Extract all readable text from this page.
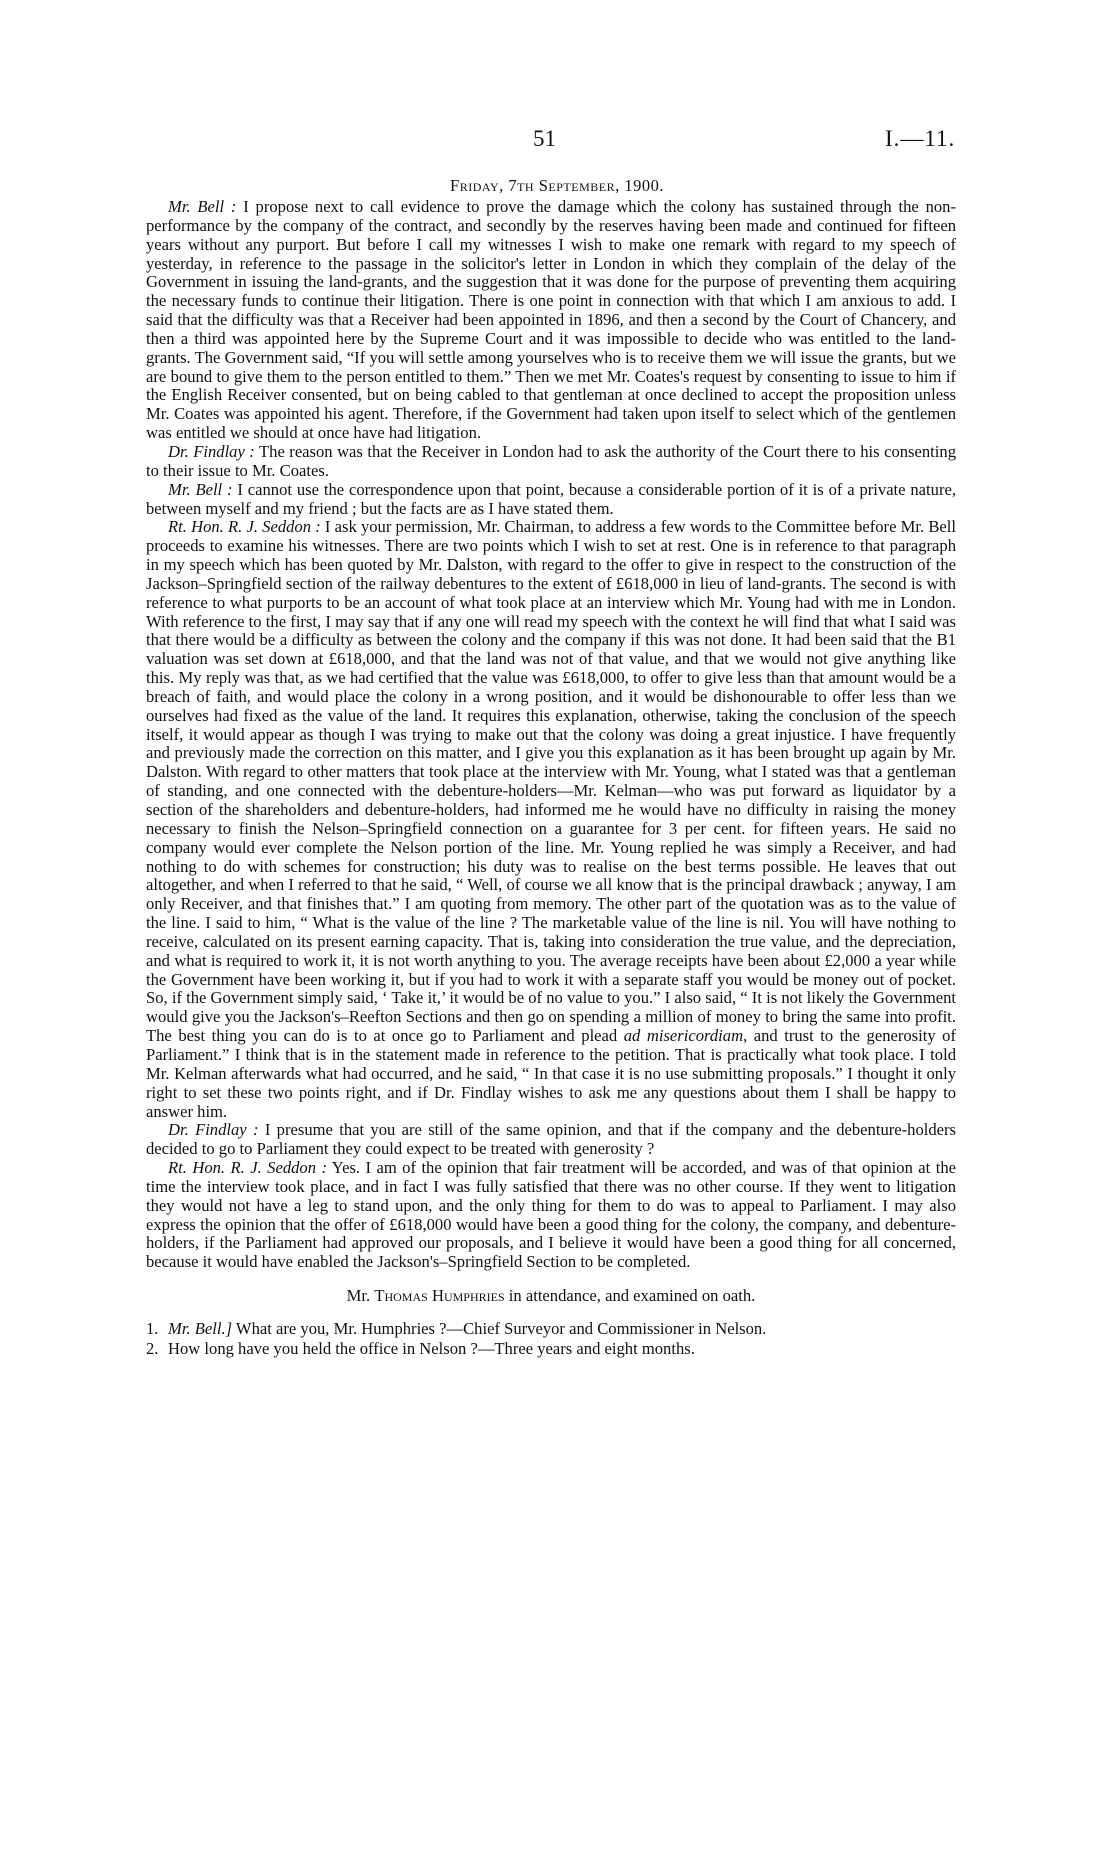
51	I.—11.
Friday, 7th September, 1900.

Mr. Bell : I propose next to call evidence to prove the damage which the colony has sustained through the non-performance by the company of the contract, and secondly by the reserves having been made and continued for fifteen years without any purport. But before I call my witnesses I wish to make one remark with regard to my speech of yesterday, in reference to the passage in the solicitor's letter in London in which they complain of the delay of the Government in issuing the land-grants, and the suggestion that it was done for the purpose of preventing them acquiring the necessary funds to continue their litigation. There is one point in connection with that which I am anxious to add. I said that the difficulty was that a Receiver had been appointed in 1896, and then a second by the Court of Chancery, and then a third was appointed here by the Supreme Court and it was impossible to decide who was entitled to the land-grants. The Government said, “If you will settle among yourselves who is to receive them we will issue the grants, but we are bound to give them to the person entitled to them.” Then we met Mr. Coates's request by consenting to issue to him if the English Receiver consented, but on being cabled to that gentleman at once declined to accept the proposition unless Mr. Coates was appointed his agent. Therefore, if the Government had taken upon itself to select which of the gentlemen was entitled we should at once have had litigation.

Dr. Findlay : The reason was that the Receiver in London had to ask the authority of the Court there to his consenting to their issue to Mr. Coates.

Mr. Bell : I cannot use the correspondence upon that point, because a considerable portion of it is of a private nature, between myself and my friend ; but the facts are as I have stated them.

Rt. Hon. R. J. Seddon : I ask your permission, Mr. Chairman, to address a few words to the Committee before Mr. Bell proceeds to examine his witnesses. There are two points which I wish to set at rest. One is in reference to that paragraph in my speech which has been quoted by Mr. Dalston, with regard to the offer to give in respect to the construction of the Jackson–Springfield section of the railway debentures to the extent of £618,000 in lieu of land-grants. The second is with reference to what purports to be an account of what took place at an interview which Mr. Young had with me in London. With reference to the first, I may say that if any one will read my speech with the context he will find that what I said was that there would be a difficulty as between the colony and the company if this was not done. It had been said that the B1 valuation was set down at £618,000, and that the land was not of that value, and that we would not give anything like this. My reply was that, as we had certified that the value was £618,000, to offer to give less than that amount would be a breach of faith, and would place the colony in a wrong position, and it would be dishonourable to offer less than we ourselves had fixed as the value of the land. It requires this explanation, otherwise, taking the conclusion of the speech itself, it would appear as though I was trying to make out that the colony was doing a great injustice. I have frequently and previously made the correction on this matter, and I give you this explanation as it has been brought up again by Mr. Dalston. With regard to other matters that took place at the interview with Mr. Young, what I stated was that a gentleman of standing, and one connected with the debenture-holders—Mr. Kelman—who was put forward as liquidator by a section of the shareholders and debenture-holders, had informed me he would have no difficulty in raising the money necessary to finish the Nelson–Springfield connection on a guarantee for 3 per cent. for fifteen years. He said no company would ever complete the Nelson portion of the line. Mr. Young replied he was simply a Receiver, and had nothing to do with schemes for construction; his duty was to realise on the best terms possible. He leaves that out altogether, and when I referred to that he said, “ Well, of course we all know that is the principal drawback ; anyway, I am only Receiver, and that finishes that.” I am quoting from memory. The other part of the quotation was as to the value of the line. I said to him, “ What is the value of the line ? The marketable value of the line is nil. You will have nothing to receive, calculated on its present earning capacity. That is, taking into consideration the true value, and the depreciation, and what is required to work it, it is not worth anything to you. The average receipts have been about £2,000 a year while the Government have been working it, but if you had to work it with a separate staff you would be money out of pocket. So, if the Government simply said, ‘ Take it,’ it would be of no value to you.” I also said, “ It is not likely the Government would give you the Jackson's–Reefton Sections and then go on spending a million of money to bring the same into profit. The best thing you can do is to at once go to Parliament and plead ad misericordiam, and trust to the generosity of Parliament.” I think that is in the statement made in reference to the petition. That is practically what took place. I told Mr. Kelman afterwards what had occurred, and he said, “ In that case it is no use submitting proposals.” I thought it only right to set these two points right, and if Dr. Findlay wishes to ask me any questions about them I shall be happy to answer him.

Dr. Findlay : I presume that you are still of the same opinion, and that if the company and the debenture-holders decided to go to Parliament they could expect to be treated with generosity ?

Rt. Hon. R. J. Seddon : Yes. I am of the opinion that fair treatment will be accorded, and was of that opinion at the time the interview took place, and in fact I was fully satisfied that there was no other course. If they went to litigation they would not have a leg to stand upon, and the only thing for them to do was to appeal to Parliament. I may also express the opinion that the offer of £618,000 would have been a good thing for the colony, the company, and debenture-holders, if the Parliament had approved our proposals, and I believe it would have been a good thing for all concerned, because it would have enabled the Jackson's–Springfield Section to be completed.

Mr. Thomas Humphries in attendance, and examined on oath.

1. Mr. Bell.] What are you, Mr. Humphries ?—Chief Surveyor and Commissioner in Nelson.

2. How long have you held the office in Nelson ?—Three years and eight months.
